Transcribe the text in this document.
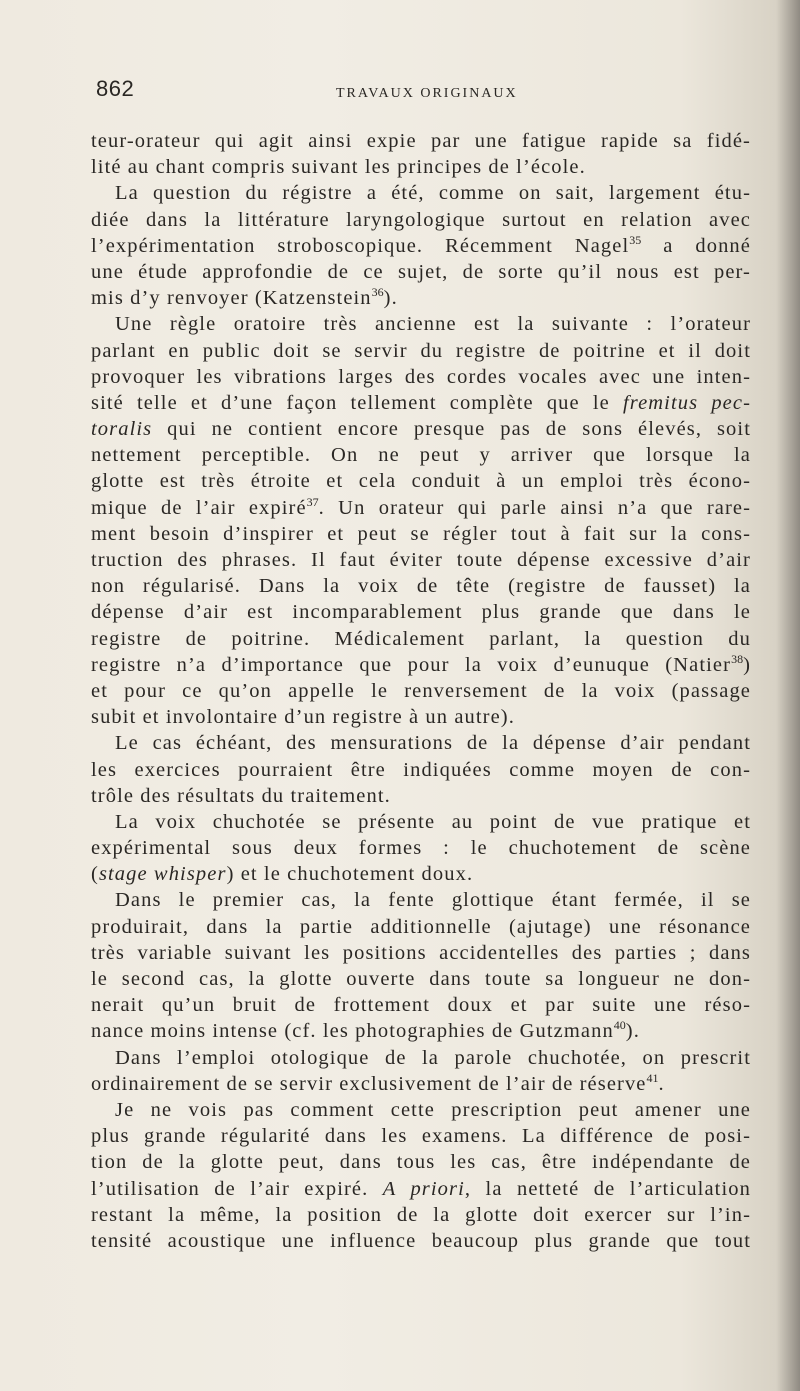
862	TRAVAUX ORIGINAUX
teur-orateur qui agit ainsi expie par une fatigue rapide sa fidé-
lité au chant compris suivant les principes de l’école.
La question du régistre a été, comme on sait, largement étu-
diée dans la littérature laryngologique surtout en relation avec
l’expérimentation stroboscopique. Récemment Nagel$^{35}$ a donné
une étude approfondie de ce sujet, de sorte qu’il nous est per-
mis d’y renvoyer (Katzenstein$^{36}$).
Une règle oratoire très ancienne est la suivante : l’orateur
parlant en public doit se servir du registre de poitrine et il doit
provoquer les vibrations larges des cordes vocales avec une inten-
sité telle et d’une façon tellement complète que le fremitus pec-
toralis qui ne contient encore presque pas de sons élevés, soit
nettement perceptible. On ne peut y arriver que lorsque la
glotte est très étroite et cela conduit à un emploi très écono-
mique de l’air expiré$^{37}$. Un orateur qui parle ainsi n’a que rare-
ment besoin d’inspirer et peut se régler tout à fait sur la cons-
truction des phrases. Il faut éviter toute dépense excessive d’air
non régularisé. Dans la voix de tête (registre de fausset) la
dépense d’air est incomparablement plus grande que dans le
registre de poitrine. Médicalement parlant, la question du
registre n’a d’importance que pour la voix d’eunuque (Natier$^{38}$)
et pour ce qu’on appelle le renversement de la voix (passage
subit et involontaire d’un registre à un autre).
Le cas échéant, des mensurations de la dépense d’air pendant
les exercices pourraient être indiquées comme moyen de con-
trôle des résultats du traitement.
La voix chuchotée se présente au point de vue pratique et
expérimental sous deux formes : le chuchotement de scène
(stage whisper) et le chuchotement doux.
Dans le premier cas, la fente glottique étant fermée, il se
produirait, dans la partie additionnelle (ajutage) une résonance
très variable suivant les positions accidentelles des parties ; dans
le second cas, la glotte ouverte dans toute sa longueur ne don-
nerait qu’un bruit de frottement doux et par suite une réso-
nance moins intense (cf. les photographies de Gutzmann$^{40}$).
Dans l’emploi otologique de la parole chuchotée, on prescrit
ordinairement de se servir exclusivement de l’air de réserve$^{41}$.
Je ne vois pas comment cette prescription peut amener une
plus grande régularité dans les examens. La différence de posi-
tion de la glotte peut, dans tous les cas, être indépendante de
l’utilisation de l’air expiré. A priori, la netteté de l’articulation
restant la même, la position de la glotte doit exercer sur l’in-
tensité acoustique une influence beaucoup plus grande que tout
